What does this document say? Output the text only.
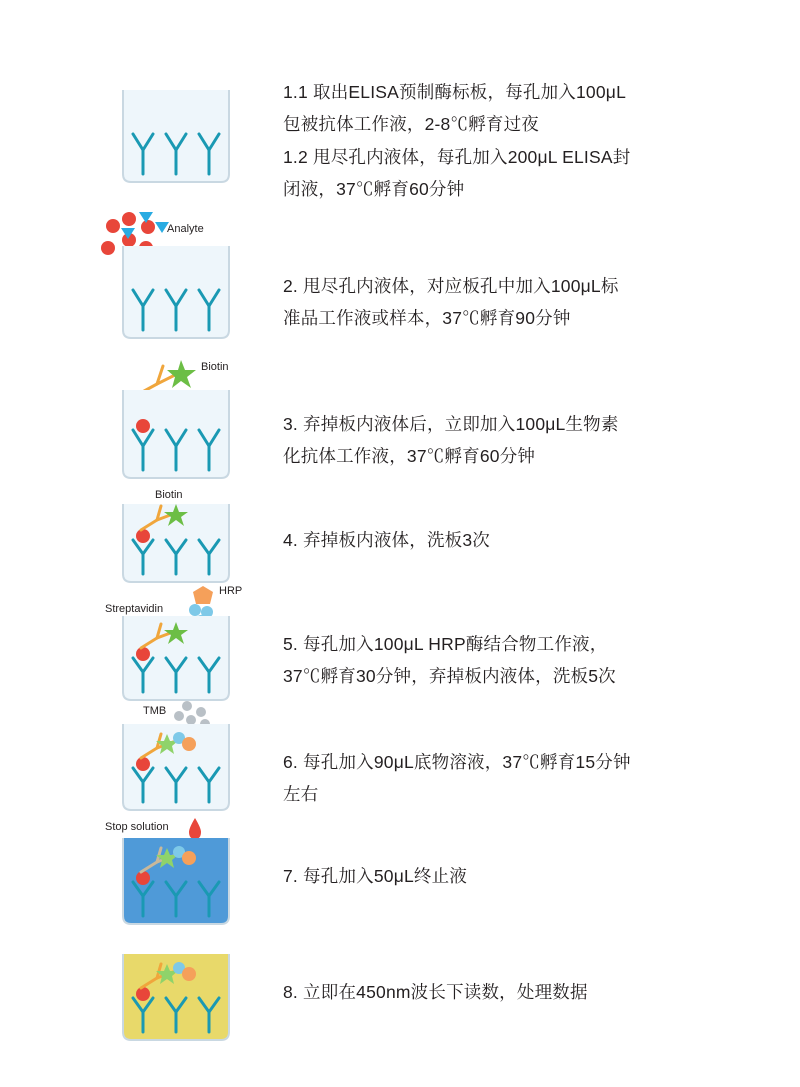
1.1 取出ELISA预制酶标板，每孔加入100μL

包被抗体工作液，2-8℃孵育过夜

1.2 甩尽孔内液体，每孔加入200μL ELISA封

闭液，37℃孵育60分钟

Analyte

2. 甩尽孔内液体，对应板孔中加入100μL标

准品工作液或样本，37℃孵育90分钟

Biotin

3. 弃掉板内液体后，立即加入100μL生物素

化抗体工作液，37℃孵育60分钟

Biotin

4. 弃掉板内液体，洗板3次

HRP
Streptavidin

5. 每孔加入100μL HRP酶结合物工作液，

37℃孵育30分钟，弃掉板内液体，洗板5次

TMB

6. 每孔加入90μL底物溶液，37℃孵育15分钟

左右

Stop solution

7. 每孔加入50μL终止液

8. 立即在450nm波长下读数，处理数据
